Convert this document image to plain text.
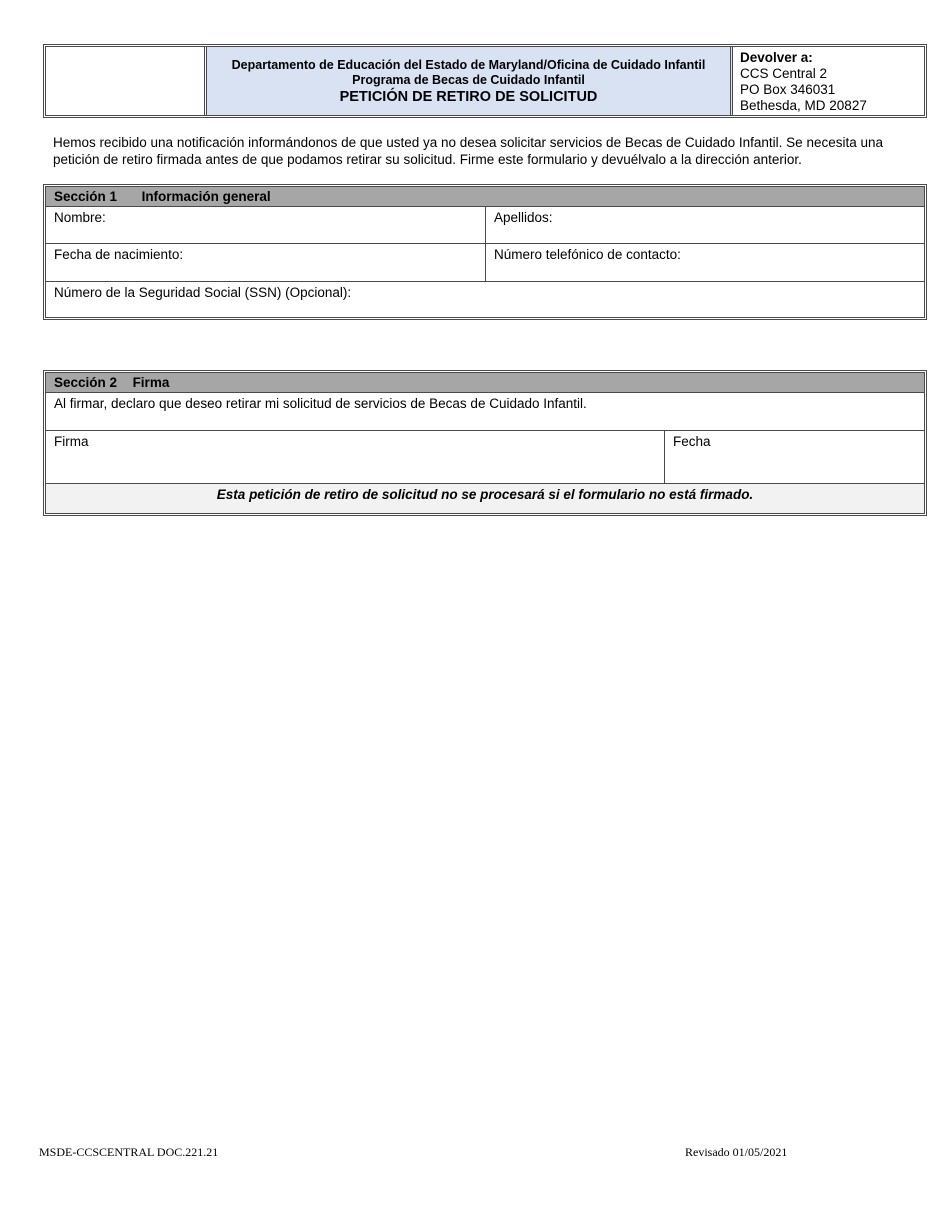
Departamento de Educación del Estado de Maryland/Oficina de Cuidado Infantil
Programa de Becas de Cuidado Infantil
PETICIÓN DE RETIRO DE SOLICITUD
Devolver a:
CCS Central 2
PO Box 346031
Bethesda, MD 20827
Hemos recibido una notificación informándonos de que usted ya no desea solicitar servicios de Becas de Cuidado Infantil. Se necesita una petición de retiro firmada antes de que podamos retirar su solicitud. Firme este formulario y devuélvalo a la dirección anterior.
Sección 1 Información general
Nombre:	Apellidos:
Fecha de nacimiento:	Número telefónico de contacto:
Número de la Seguridad Social (SSN) (Opcional):
Sección 2 Firma
Al firmar, declaro que deseo retirar mi solicitud de servicios de Becas de Cuidado Infantil.
Firma	Fecha
Esta petición de retiro de solicitud no se procesará si el formulario no está firmado.
MSDE-CCSCENTRAL DOC.221.21	Revisado 01/05/2021
